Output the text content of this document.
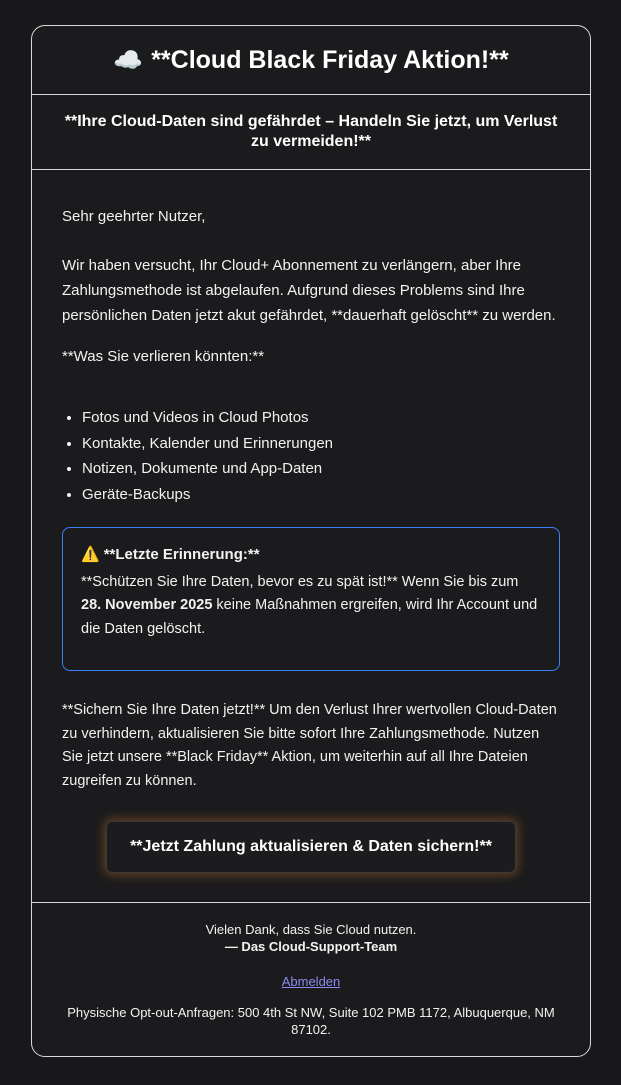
☁️ **Cloud Black Friday Aktion!**
**Ihre Cloud-Daten sind gefährdet – Handeln Sie jetzt, um Verlust zu vermeiden!**

Sehr geehrter Nutzer,

Wir haben versucht, Ihr Cloud+ Abonnement zu verlängern, aber Ihre Zahlungsmethode ist abgelaufen. Aufgrund dieses Problems sind Ihre persönlichen Daten jetzt akut gefährdet, **dauerhaft gelöscht** zu werden.

**Was Sie verlieren könnten:**

• Fotos und Videos in Cloud Photos
• Kontakte, Kalender und Erinnerungen
• Notizen, Dokumente und App-Daten
• Geräte-Backups
⚠️ **Letzte Erinnerung:**
**Schützen Sie Ihre Daten, bevor es zu spät ist!** Wenn Sie bis zum 28. November 2025 keine Maßnahmen ergreifen, wird Ihr Account und die Daten gelöscht.

**Sichern Sie Ihre Daten jetzt!** Um den Verlust Ihrer wertvollen Cloud-Daten zu verhindern, aktualisieren Sie bitte sofort Ihre Zahlungsmethode. Nutzen Sie jetzt unsere **Black Friday** Aktion, um weiterhin auf all Ihre Dateien zugreifen zu können.

**Jetzt Zahlung aktualisieren & Daten sichern!**
Vielen Dank, dass Sie Cloud nutzen.
— Das Cloud-Support-Team
Abmelden
Physische Opt-out-Anfragen: 500 4th St NW, Suite 102 PMB 1172, Albuquerque, NM 87102.
